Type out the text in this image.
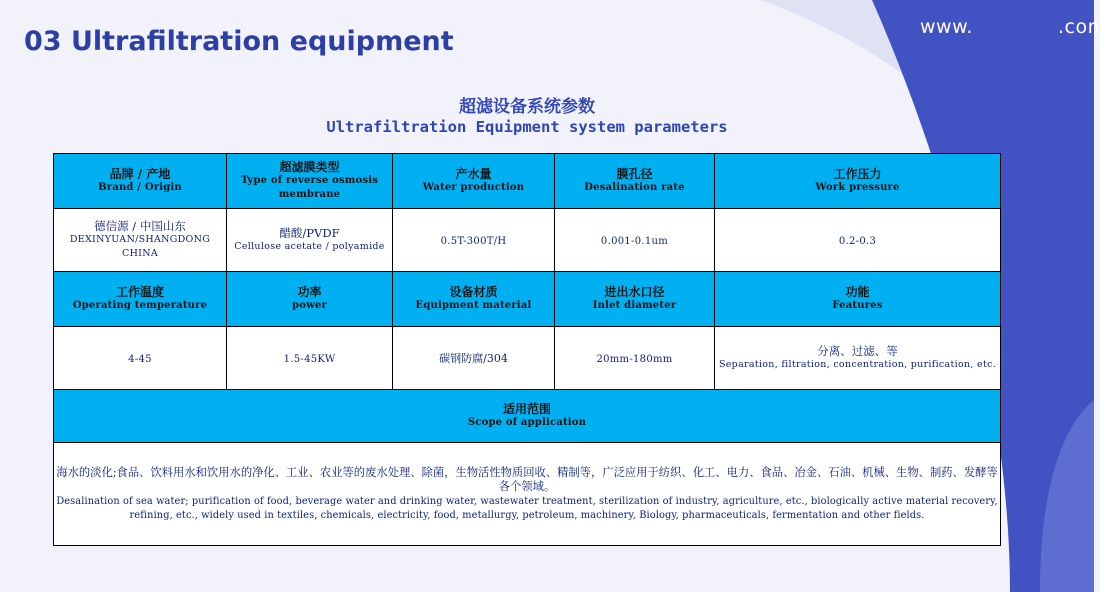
www.	.con
03 Ultrafiltration equipment
超滤设备系统参数
Ultrafiltration Equipment system parameters
品牌 / 产地
Brand / Origin	超滤膜类型
Type of reverse osmosis membrane	产水量
Water production	膜孔径
Desalination rate	工作压力
Work pressure

德信源 / 中国山东
DEXINYUAN/SHANGDONG CHINA	醋酸/PVDF
Cellulose acetate / polyamide	0.5T-300T/H	0.001-0.1um	0.2-0.3

工作温度
Operating temperature	功率
power	设备材质
Equipment material	进出水口径
Inlet diameter	功能
Features

4-45	1.5-45KW	碳钢防腐/304	20mm-180mm	分离、过滤、等
Separation, filtration, concentration, purification, etc.

适用范围
Scope of application				

海水的淡化;食品、饮料用水和饮用水的净化、工业、农业等的废水处理、除菌，生物活性物质回收、精制等，广泛应用于纺织、化工、电力、食品、冶金、石油、机械、生物、制药、发酵等各个领域。
Desalination of sea water; purification of food, beverage water and drinking water, wastewater treatment, sterilization of industry, agriculture, etc., biologically active material recovery, refining, etc., widely used in textiles, chemicals, electricity, food, metallurgy, petroleum, machinery, Biology, pharmaceuticals, fermentation and other fields.				
